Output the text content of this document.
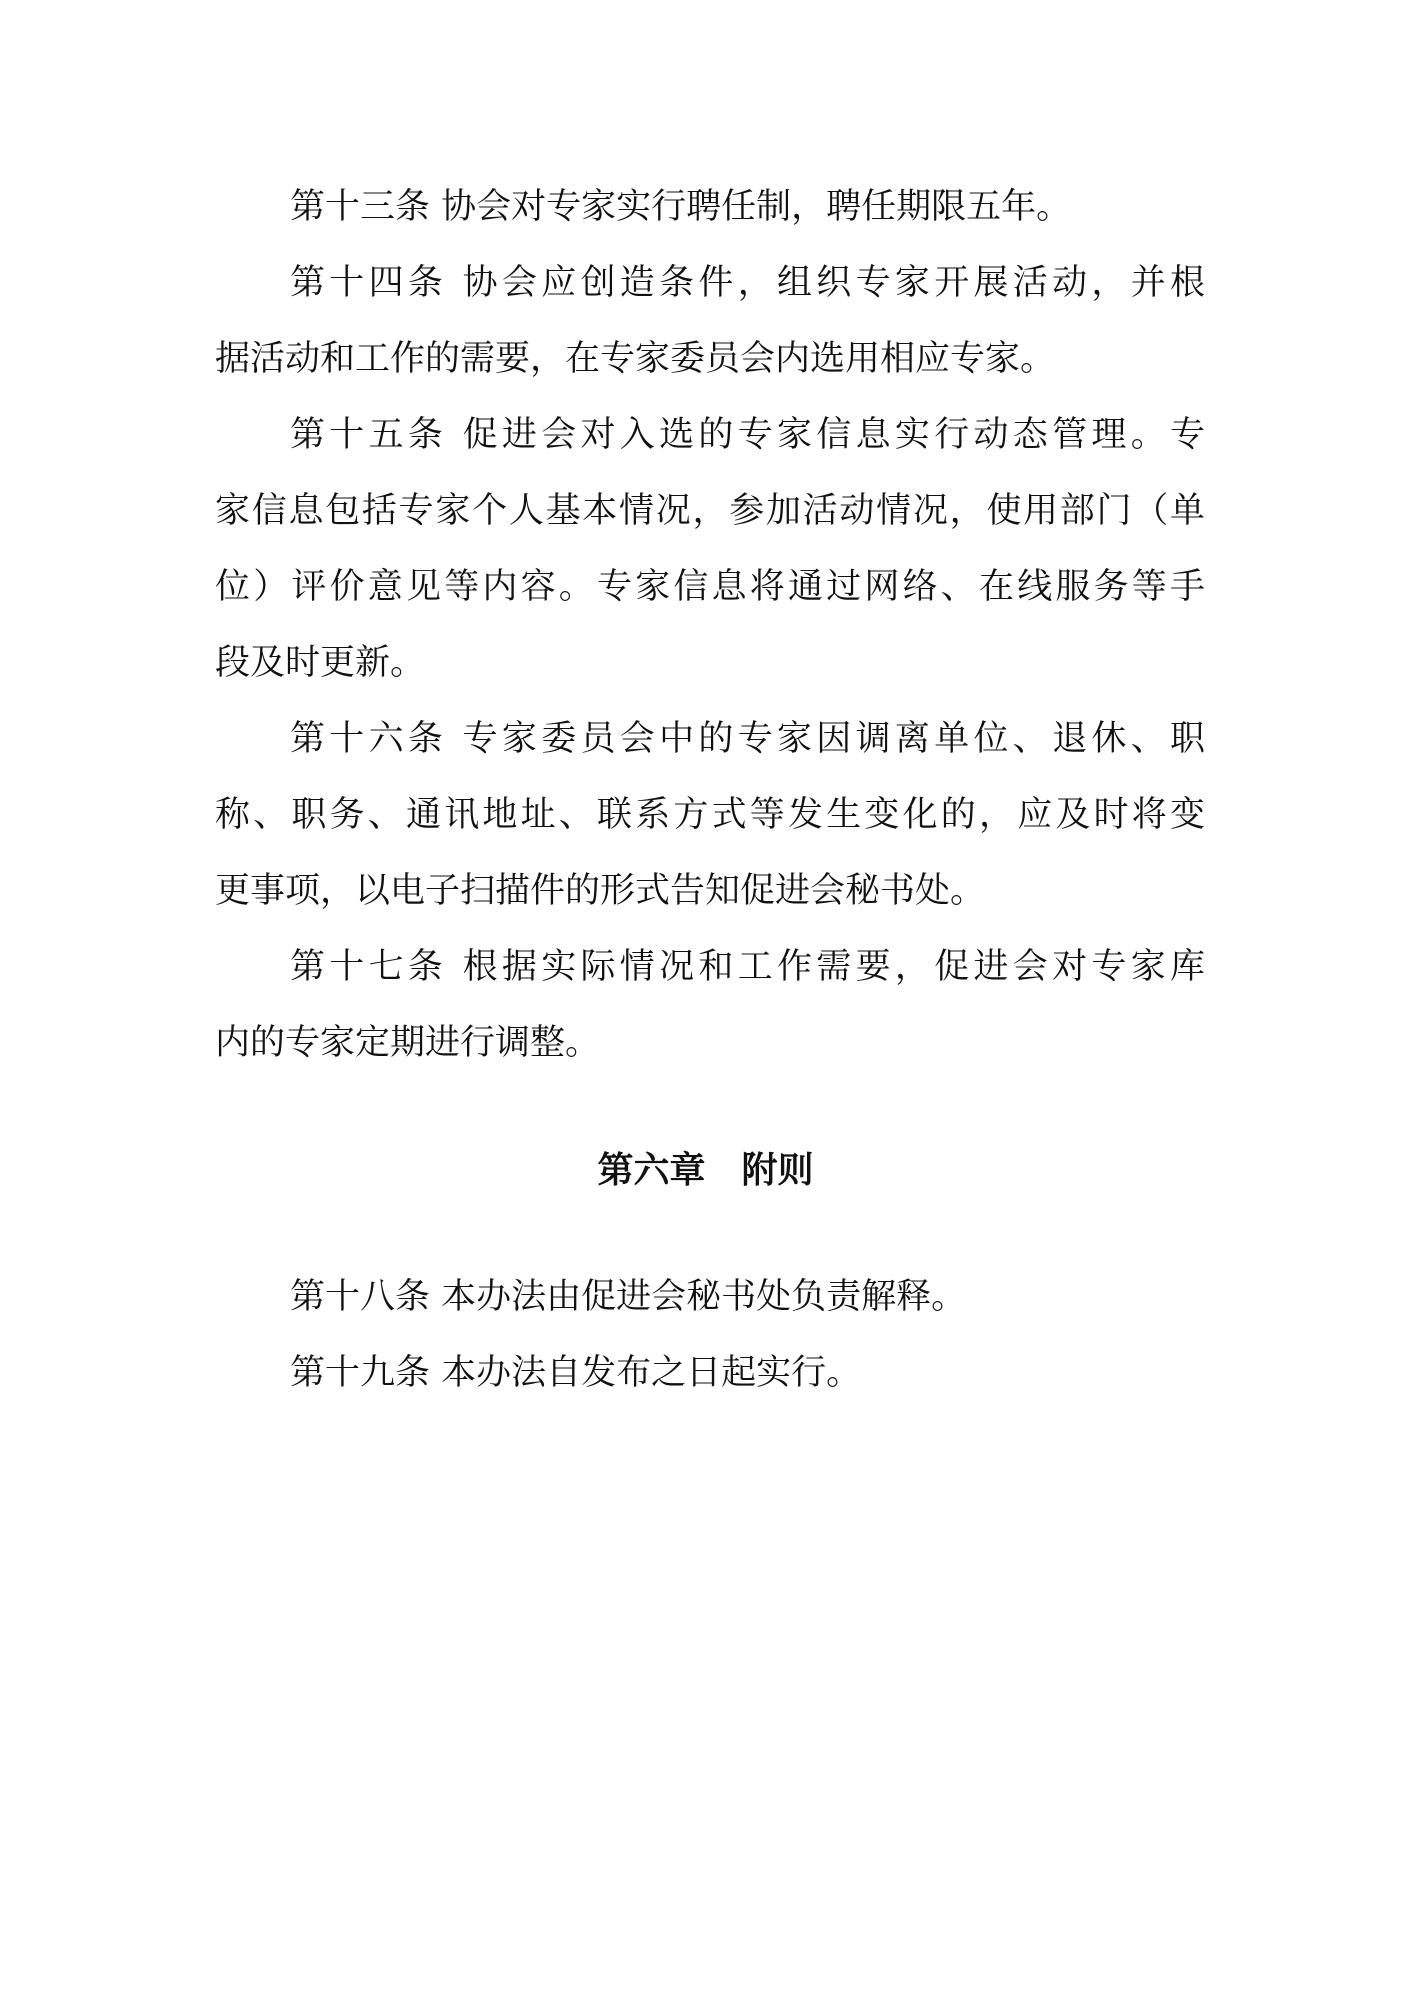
第十三条 协会对专家实行聘任制，聘任期限五年。
第十四条 协会应创造条件，组织专家开展活动，并根
据活动和工作的需要，在专家委员会内选用相应专家。
第十五条 促进会对入选的专家信息实行动态管理。专
家信息包括专家个人基本情况，参加活动情况，使用部门（单
位）评价意见等内容。专家信息将通过网络、在线服务等手
段及时更新。
第十六条 专家委员会中的专家因调离单位、退休、职
称、职务、通讯地址、联系方式等发生变化的，应及时将变
更事项，以电子扫描件的形式告知促进会秘书处。
第十七条 根据实际情况和工作需要，促进会对专家库
内的专家定期进行调整。
第六章　附则
第十八条 本办法由促进会秘书处负责解释。
第十九条 本办法自发布之日起实行。
